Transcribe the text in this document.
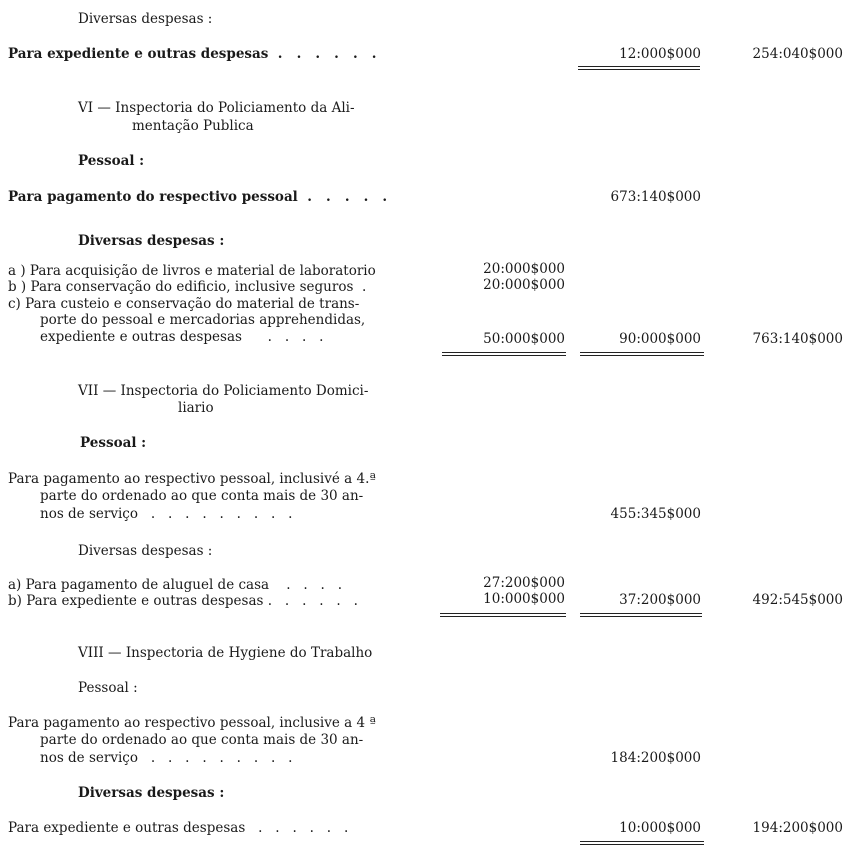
Diversas despesas :
Para expediente e outras despesas  .   .   .   .   .   .	12:000$000	254:040$000
VI — Inspectoria do Policiamento da Ali-
mentação Publica
Pessoal :
Para pagamento do respectivo pessoal  .   .   .   .   .	673:140$000
Diversas despesas :
a ) Para acquisição de livros e material de laboratorio	20:000$000
b ) Para conservação do edificio, inclusive seguros  .	20:000$000
c) Para custeio e conservação do material de trans-
porte do pessoal e mercadorias apprehendidas,
expediente e outras despesas      .   .   .   .	50:000$000	90:000$000	763:140$000
VII — Inspectoria do Policiamento Domici-
liario
Pessoal :
Para pagamento ao respectivo pessoal, inclusivé a 4.ª
parte do ordenado ao que conta mais de 30 an-
nos de serviço   .   .   .   .   .   .   .   .   .	455:345$000
Diversas despesas :
a) Para pagamento de aluguel de casa    .   .   .   .	27:200$000
b) Para expediente e outras despesas .   .   .   .   .   .	10:000$000	37:200$000	492:545$000
VIII — Inspectoria de Hygiene do Trabalho
Pessoal :
Para pagamento ao respectivo pessoal, inclusive a 4 ª
parte do ordenado ao que conta mais de 30 an-
nos de serviço   .   .   .   .   .   .   .   .   .	184:200$000
Diversas despesas :
Para expediente e outras despesas   .   .   .   .   .   .	10:000$000	194:200$000
